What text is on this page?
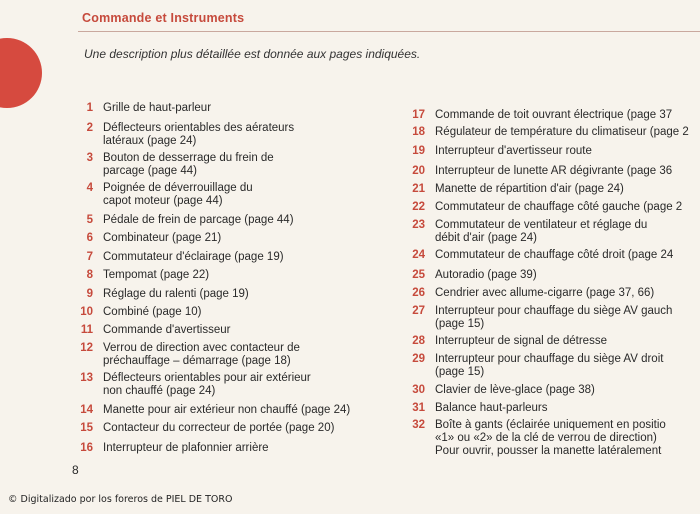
Commande et Instruments
Une description plus détaillée est donnée aux pages indiquées.
1 Grille de haut-parleur
2 Déflecteurs orientables des aérateurs
latéraux (page 24)
3 Bouton de desserrage du frein de
parcage (page 44)
4 Poignée de déverrouillage du
capot moteur (page 44)
5 Pédale de frein de parcage (page 44)
6 Combinateur (page 21)
7 Commutateur d'éclairage (page 19)
8 Tempomat (page 22)
9 Réglage du ralenti (page 19)
10 Combiné (page 10)
11 Commande d'avertisseur
12 Verrou de direction avec contacteur de
préchauffage – démarrage (page 18)
13 Déflecteurs orientables pour air extérieur
non chauffé (page 24)
14 Manette pour air extérieur non chauffé (page 24)
15 Contacteur du correcteur de portée (page 20)
16 Interrupteur de plafonnier arrière
17 Commande de toit ouvrant électrique (page 37
18 Régulateur de température du climatiseur (page 2
19 Interrupteur d'avertisseur route
20 Interrupteur de lunette AR dégivrante (page 36
21 Manette de répartition d'air (page 24)
22 Commutateur de chauffage côté gauche (page 2
23 Commutateur de ventilateur et réglage du
débit d'air (page 24)
24 Commutateur de chauffage côté droit (page 24
25 Autoradio (page 39)
26 Cendrier avec allume-cigarre (page 37, 66)
27 Interrupteur pour chauffage du siège AV gauch
(page 15)
28 Interrupteur de signal de détresse
29 Interrupteur pour chauffage du siège AV droit
(page 15)
30 Clavier de lève-glace (page 38)
31 Balance haut-parleurs
32 Boîte à gants (éclairée uniquement en positio
«1» ou «2» de la clé de verrou de direction)
Pour ouvrir, pousser la manette latéralement
8
© Digitalizado por los foreros de PIEL DE TORO
